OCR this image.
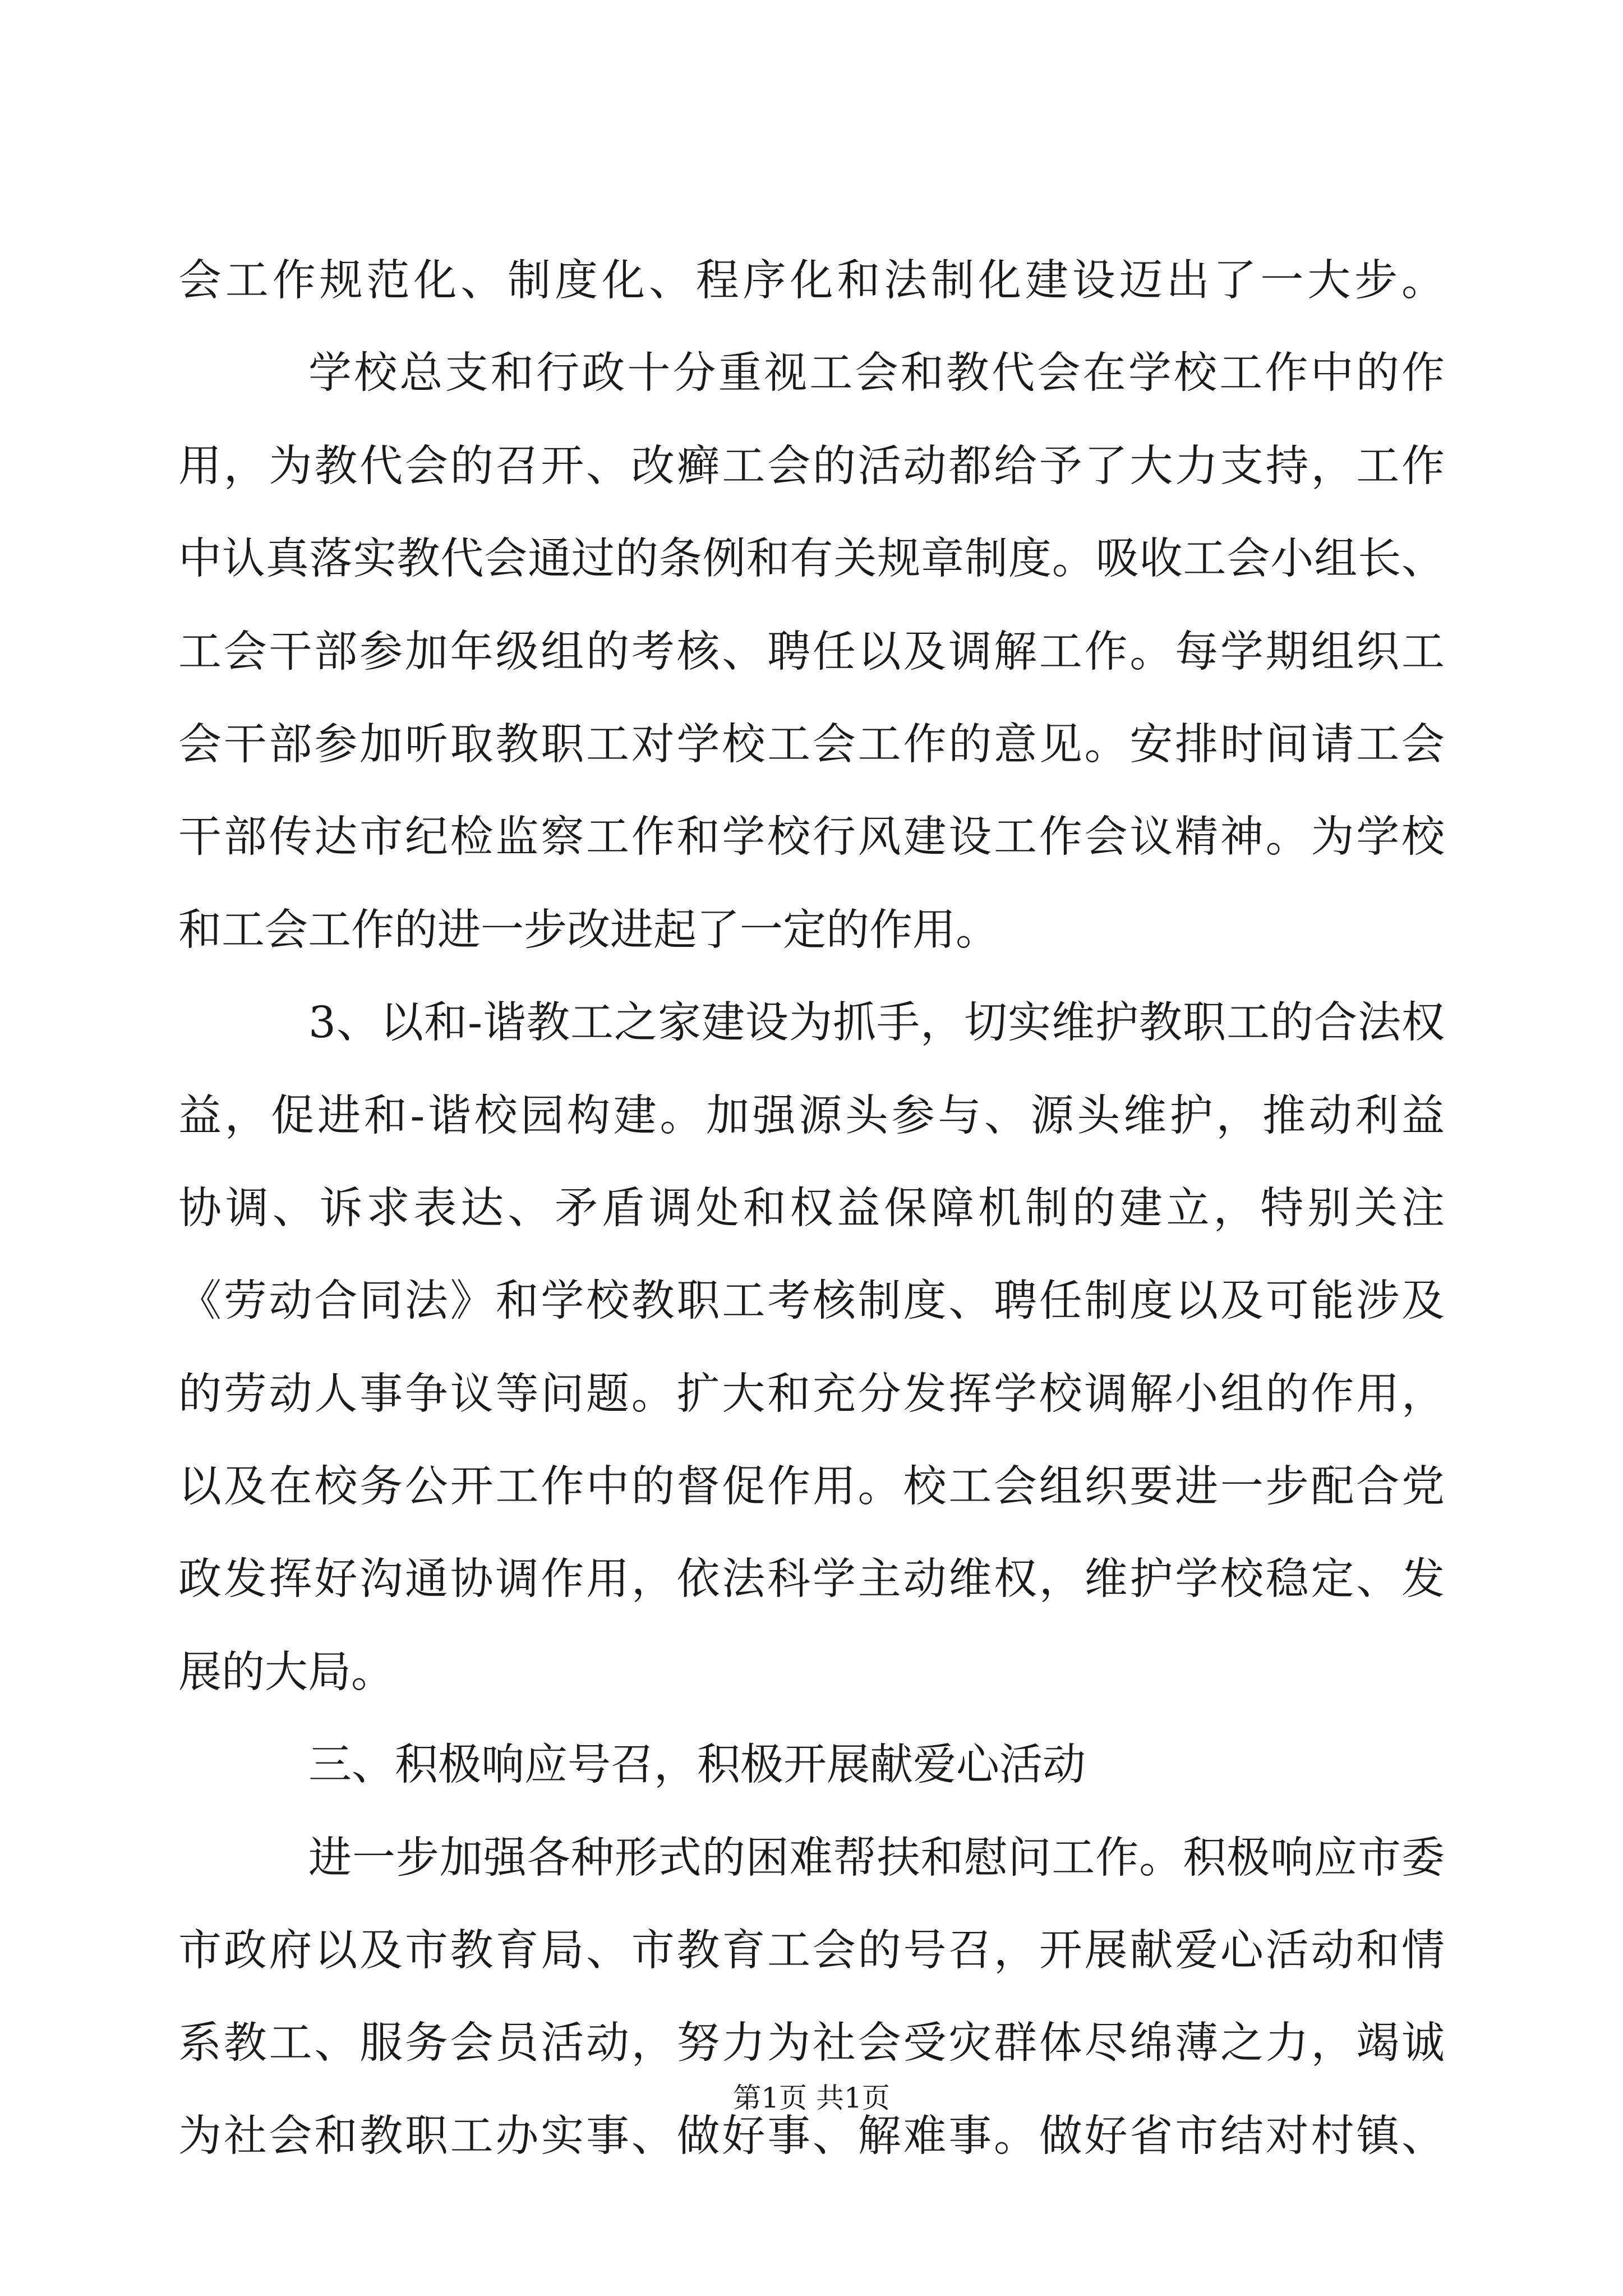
会工作规范化、制度化、程序化和法制化建设迈出了一大步。
学校总支和行政十分重视工会和教代会在学校工作中的作
用，为教代会的召开、改癣工会的活动都给予了大力支持，工作
中认真落实教代会通过的条例和有关规章制度。吸收工会小组长、
工会干部参加年级组的考核、聘任以及调解工作。每学期组织工
会干部参加听取教职工对学校工会工作的意见。安排时间请工会
干部传达市纪检监察工作和学校行风建设工作会议精神。为学校
和工会工作的进一步改进起了一定的作用。
3、以和-谐教工之家建设为抓手，切实维护教职工的合法权
益，促进和-谐校园构建。加强源头参与、源头维护，推动利益
协调、诉求表达、矛盾调处和权益保障机制的建立，特别关注
《劳动合同法》和学校教职工考核制度、聘任制度以及可能涉及
的劳动人事争议等问题。扩大和充分发挥学校调解小组的作用，
以及在校务公开工作中的督促作用。校工会组织要进一步配合党
政发挥好沟通协调作用，依法科学主动维权，维护学校稳定、发
展的大局。
三、积极响应号召，积极开展献爱心活动
进一步加强各种形式的困难帮扶和慰问工作。积极响应市委
市政府以及市教育局、市教育工会的号召，开展献爱心活动和情
系教工、服务会员活动，努力为社会受灾群体尽绵薄之力，竭诚
为社会和教职工办实事、做好事、解难事。做好省市结对村镇、
第1页 共1页
